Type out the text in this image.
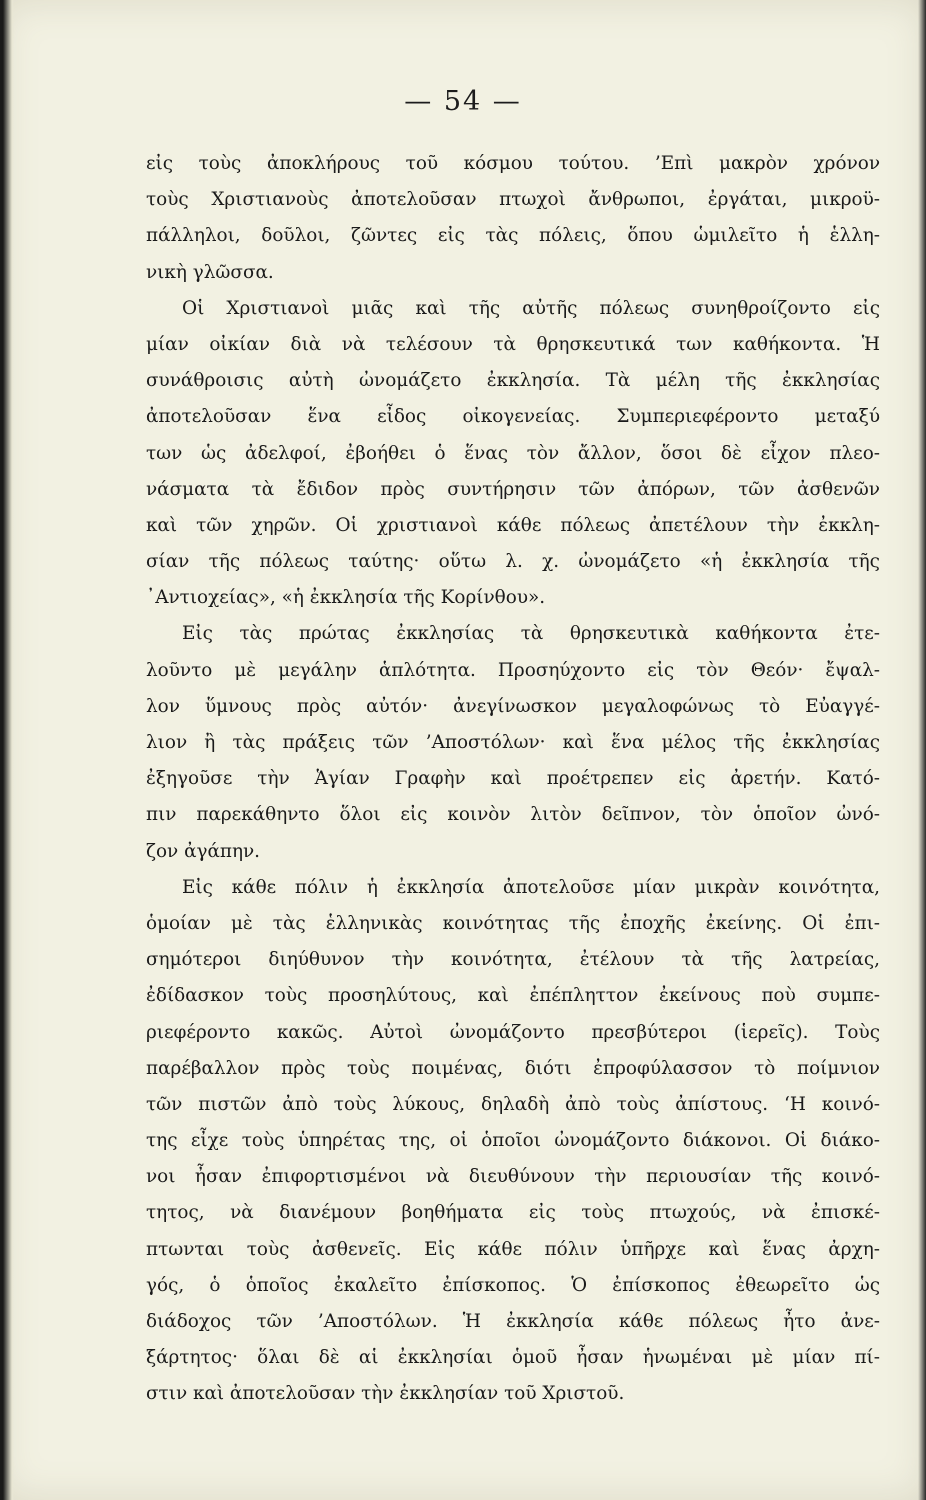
— 54 —
εἰς τοὺς ἀποκλήρους τοῦ κόσμου τούτου. ’Επὶ μακρὸν χρόνον
τοὺς Χριστιανοὺς ἀποτελοῦσαν πτωχοὶ ἄνθρωποι, ἐργάται, μικροϋ-
πάλληλοι, δοῦλοι, ζῶντες εἰς τὰς πόλεις, ὅπου ὡμιλεῖτο ἡ ἑλλη-
νικὴ γλῶσσα.
Οἱ Χριστιανοὶ μιᾶς καὶ τῆς αὐτῆς πόλεως συνηθροίζοντο εἰς
μίαν οἰκίαν διὰ νὰ τελέσουν τὰ θρησκευτικά των καθήκοντα. Ἡ
συνάθροισις αὐτὴ ὠνομάζετο ἐκκλησία. Τὰ μέλη τῆς ἐκκλησίας
ἀποτελοῦσαν ἕνα εἶδος οἰκογενείας. Συμπεριεφέροντο μεταξύ
των ὡς ἀδελφοί, ἐβοήθει ὁ ἕνας τὸν ἄλλον, ὅσοι δὲ εἶχον πλεο-
νάσματα τὰ ἔδιδον πρὸς συντήρησιν τῶν ἀπόρων, τῶν ἀσθενῶν
καὶ τῶν χηρῶν. Οἱ χριστιανοὶ κάθε πόλεως ἀπετέλουν τὴν ἐκκλη-
σίαν τῆς πόλεως ταύτης· οὕτω λ. χ. ὠνομάζετο «ἡ ἐκκλησία τῆς
᾿Αντιοχείας», «ἡ ἐκκλησία τῆς Κορίνθου».
Εἰς τὰς πρώτας ἐκκλησίας τὰ θρησκευτικὰ καθήκοντα ἐτε-
λοῦντο μὲ μεγάλην ἁπλότητα. Προσηύχοντο εἰς τὸν Θεόν· ἔψαλ-
λον ὕμνους πρὸς αὐτόν· ἀνεγίνωσκον μεγαλοφώνως τὸ Εὐαγγέ-
λιον ἢ τὰς πράξεις τῶν ’Αποστόλων· καὶ ἕνα μέλος τῆς ἐκκλησίας
ἐξηγοῦσε τὴν Ἁγίαν Γραφὴν καὶ προέτρεπεν εἰς ἀρετήν. Κατό-
πιν παρεκάθηντο ὅλοι εἰς κοινὸν λιτὸν δεῖπνον, τὸν ὁποῖον ὠνό-
ζον ἀγάπην.
Εἰς κάθε πόλιν ἡ ἐκκλησία ἀποτελοῦσε μίαν μικρὰν κοινότητα,
ὁμοίαν μὲ τὰς ἑλληνικὰς κοινότητας τῆς ἐποχῆς ἐκείνης. Οἱ ἐπι-
σημότεροι διηύθυνον τὴν κοινότητα, ἐτέλουν τὰ τῆς λατρείας,
ἐδίδασκον τοὺς προσηλύτους, καὶ ἐπέπληττον ἐκείνους ποὺ συμπε-
ριεφέροντο κακῶς. Αὐτοὶ ὠνομάζοντο πρεσβύτεροι (ἱερεῖς). Τοὺς
παρέβαλλον πρὸς τοὺς ποιμένας, διότι ἐπροφύλασσον τὸ ποίμνιον
τῶν πιστῶν ἀπὸ τοὺς λύκους, δηλαδὴ ἀπὸ τοὺς ἀπίστους. ‘Η κοινό-
της εἶχε τοὺς ὑπηρέτας της, οἱ ὁποῖοι ὠνομάζοντο διάκονοι. Οἱ διάκο-
νοι ἦσαν ἐπιφορτισμένοι νὰ διευθύνουν τὴν περιουσίαν τῆς κοινό-
τητος, νὰ διανέμουν βοηθήματα εἰς τοὺς πτωχούς, νὰ ἐπισκέ-
πτωνται τοὺς ἀσθενεῖς. Εἰς κάθε πόλιν ὑπῆρχε καὶ ἕνας ἀρχη-
γός, ὁ ὁποῖος ἐκαλεῖτο ἐπίσκοπος. Ὁ ἐπίσκοπος ἐθεωρεῖτο ὡς
διάδοχος τῶν ’Αποστόλων. Ἡ ἐκκλησία κάθε πόλεως ἦτο ἀνε-
ξάρτητος· ὅλαι δὲ αἱ ἐκκλησίαι ὁμοῦ ἦσαν ἡνωμέναι μὲ μίαν πί-
στιν καὶ ἀποτελοῦσαν τὴν ἐκκλησίαν τοῦ Χριστοῦ.
